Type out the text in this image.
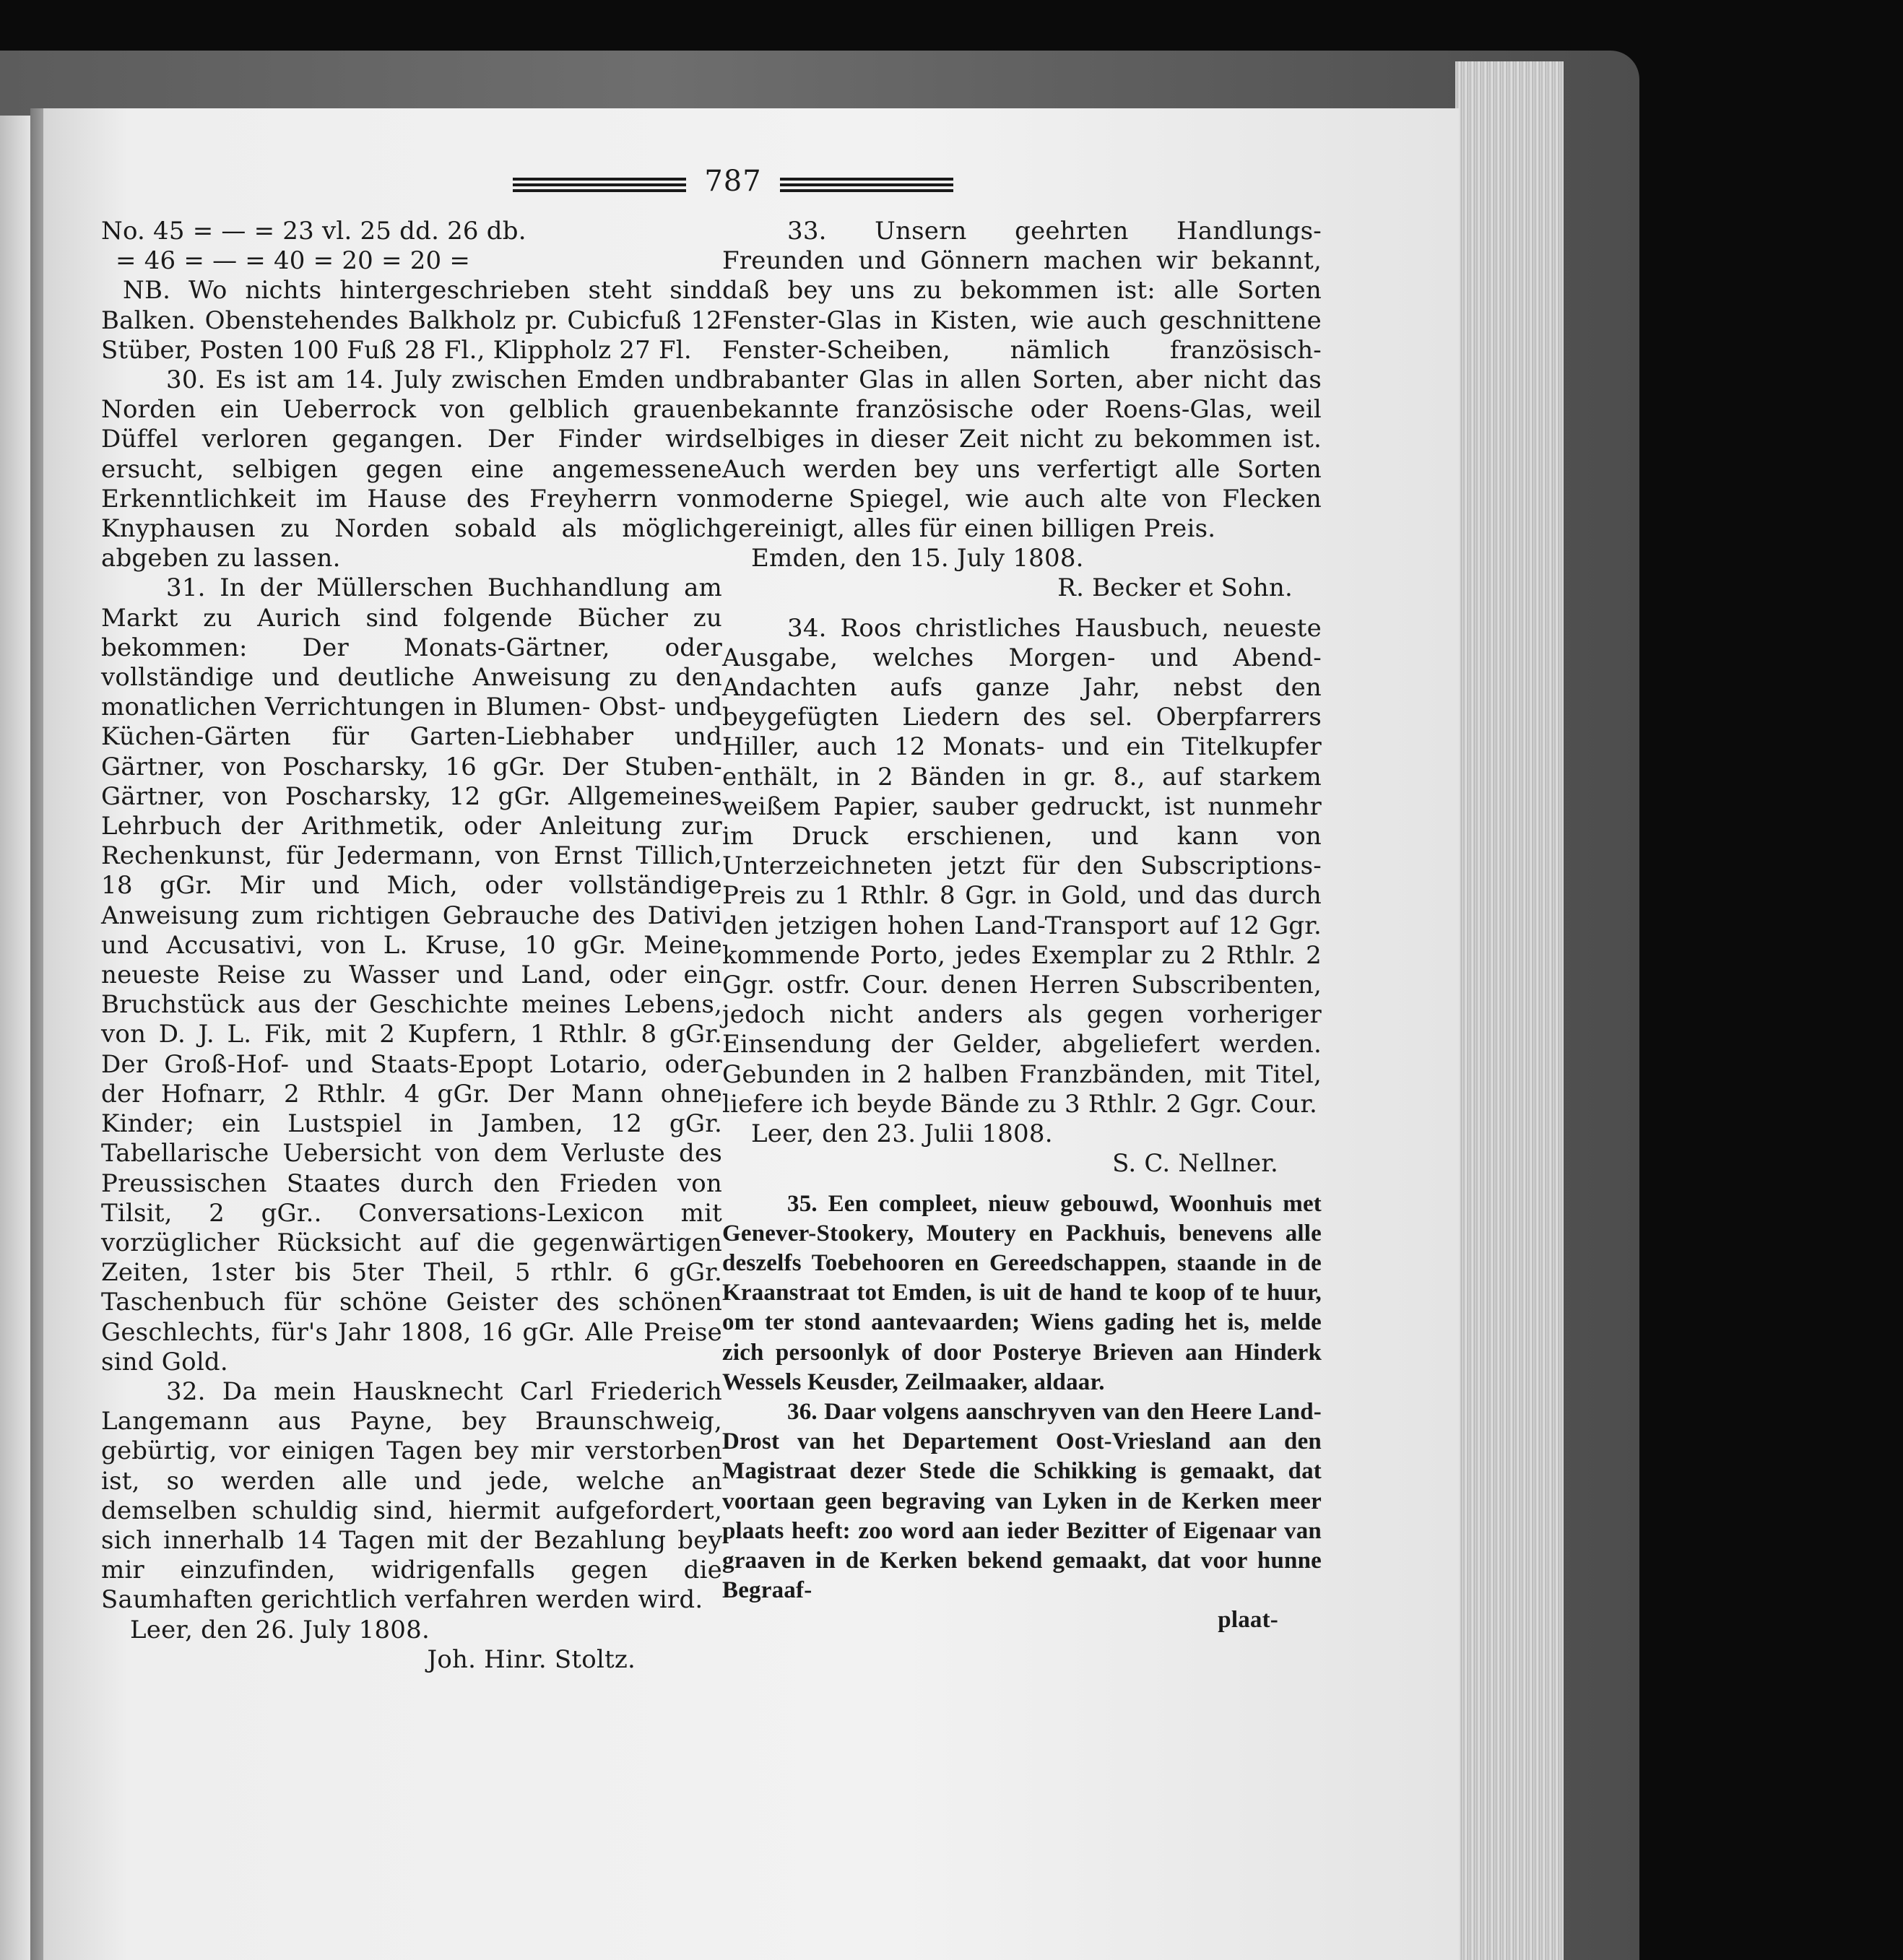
787

No. 45 = — = 23 vl. 25 dd. 26 db.

= 46 = — = 40 = 20 = 20 =

NB. Wo nichts hintergeschrieben steht sind Balken. Obenstehendes Balkholz pr. Cubicfuß 12 Stüber, Posten 100 Fuß 28 Fl., Klippholz 27 Fl.

30. Es ist am 14. July zwischen Emden und Norden ein Ueberrock von gelblich grauen Düffel verloren gegangen. Der Finder wird ersucht, selbigen gegen eine angemessene Erkenntlichkeit im Hause des Freyherrn von Knyphausen zu Norden sobald als möglich abgeben zu lassen.

31. In der Müllerschen Buchhandlung am Markt zu Aurich sind folgende Bücher zu bekommen: Der Monats-Gärtner, oder vollständige und deutliche Anweisung zu den monatlichen Verrichtungen in Blumen- Obst- und Küchen-Gärten für Garten-Liebhaber und Gärtner, von Poscharsky, 16 gGr. Der Stuben-Gärtner, von Poscharsky, 12 gGr. Allgemeines Lehrbuch der Arithmetik, oder Anleitung zur Rechenkunst, für Jedermann, von Ernst Tillich, 18 gGr. Mir und Mich, oder vollständige Anweisung zum richtigen Gebrauche des Dativi und Accusativi, von L. Kruse, 10 gGr. Meine neueste Reise zu Wasser und Land, oder ein Bruchstück aus der Geschichte meines Lebens, von D. J. L. Fik, mit 2 Kupfern, 1 Rthlr. 8 gGr. Der Groß-Hof- und Staats-Epopt Lotario, oder der Hofnarr, 2 Rthlr. 4 gGr. Der Mann ohne Kinder; ein Lustspiel in Jamben, 12 gGr. Tabellarische Uebersicht von dem Verluste des Preussischen Staates durch den Frieden von Tilsit, 2 gGr.. Conversations-Lexicon mit vorzüglicher Rücksicht auf die gegenwärtigen Zeiten, 1ster bis 5ter Theil, 5 rthlr. 6 gGr. Taschenbuch für schöne Geister des schönen Geschlechts, für's Jahr 1808, 16 gGr. Alle Preise sind Gold.

32. Da mein Hausknecht Carl Friederich Langemann aus Payne, bey Braunschweig, gebürtig, vor einigen Tagen bey mir verstorben ist, so werden alle und jede, welche an demselben schuldig sind, hiermit aufgefordert, sich innerhalb 14 Tagen mit der Bezahlung bey mir einzufinden, widrigenfalls gegen die Saumhaften gerichtlich verfahren werden wird.

Leer, den 26. July 1808.

Joh. Hinr. Stoltz.

33. Unsern geehrten Handlungs-Freunden und Gönnern machen wir bekannt, daß bey uns zu bekommen ist: alle Sorten Fenster-Glas in Kisten, wie auch geschnittene Fenster-Scheiben, nämlich französisch-brabanter Glas in allen Sorten, aber nicht das bekannte französische oder Roens-Glas, weil selbiges in dieser Zeit nicht zu bekommen ist. Auch werden bey uns verfertigt alle Sorten moderne Spiegel, wie auch alte von Flecken gereinigt, alles für einen billigen Preis.

Emden, den 15. July 1808.

R. Becker et Sohn.

34. Roos christliches Hausbuch, neueste Ausgabe, welches Morgen- und Abend-Andachten aufs ganze Jahr, nebst den beygefügten Liedern des sel. Oberpfarrers Hiller, auch 12 Monats- und ein Titelkupfer enthält, in 2 Bänden in gr. 8., auf starkem weißem Papier, sauber gedruckt, ist nunmehr im Druck erschienen, und kann von Unterzeichneten jetzt für den Subscriptions-Preis zu 1 Rthlr. 8 Ggr. in Gold, und das durch den jetzigen hohen Land-Transport auf 12 Ggr. kommende Porto, jedes Exemplar zu 2 Rthlr. 2 Ggr. ostfr. Cour. denen Herren Subscribenten, jedoch nicht anders als gegen vorheriger Einsendung der Gelder, abgeliefert werden. Gebunden in 2 halben Franzbänden, mit Titel, liefere ich beyde Bände zu 3 Rthlr. 2 Ggr. Cour.

Leer, den 23. Julii 1808.

S. C. Nellner.

35. Een compleet, nieuw gebouwd, Woonhuis met Genever-Stookery, Moutery en Packhuis, benevens alle deszelfs Toebehooren en Gereedschappen, staande in de Kraanstraat tot Emden, is uit de hand te koop of te huur, om ter stond aantevaarden; Wiens gading het is, melde zich persoonlyk of door Posterye Brieven aan Hinderk Wessels Keusder, Zeilmaaker, aldaar.

36. Daar volgens aanschryven van den Heere Land-Drost van het Departement Oost-Vriesland aan den Magistraat dezer Stede die Schikking is gemaakt, dat voortaan geen begraving van Lyken in de Kerken meer plaats heeft: zoo word aan ieder Bezitter of Eigenaar van graaven in de Kerken bekend gemaakt, dat voor hunne Begraaf-

plaat-
